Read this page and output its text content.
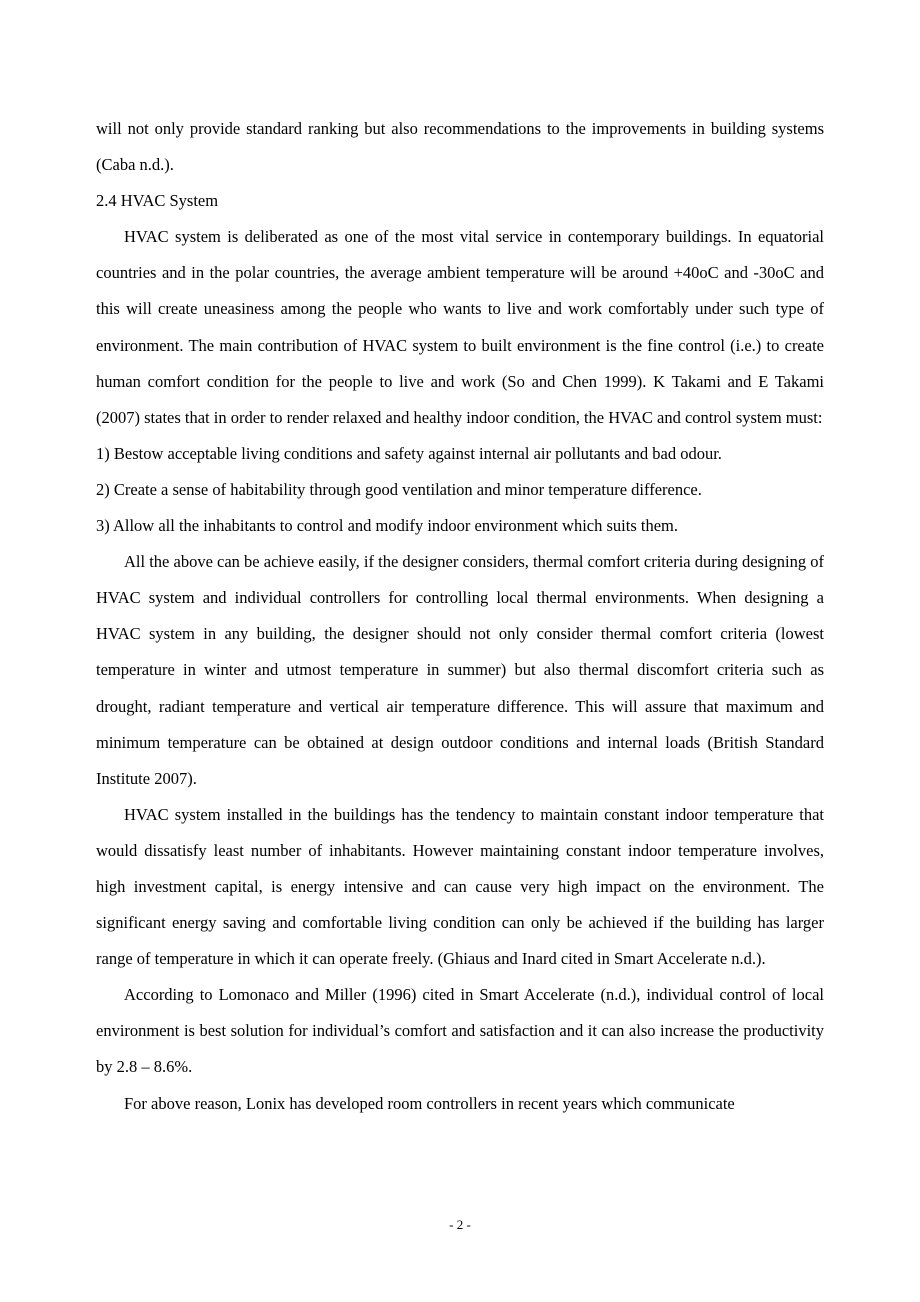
will not only provide standard ranking but also recommendations to the improvements in building systems (Caba n.d.).

2.4 HVAC System

HVAC system is deliberated as one of the most vital service in contemporary buildings. In equatorial countries and in the polar countries, the average ambient temperature will be around +40oC and -30oC and this will create uneasiness among the people who wants to live and work comfortably under such type of environment. The main contribution of HVAC system to built environment is the fine control (i.e.) to create human comfort condition for the people to live and work (So and Chen 1999). K Takami and E Takami (2007) states that in order to render relaxed and healthy indoor condition, the HVAC and control system must:

1) Bestow acceptable living conditions and safety against internal air pollutants and bad odour.
2) Create a sense of habitability through good ventilation and minor temperature difference.
3) Allow all the inhabitants to control and modify indoor environment which suits them.

All the above can be achieve easily, if the designer considers, thermal comfort criteria during designing of HVAC system and individual controllers for controlling local thermal environments. When designing a HVAC system in any building, the designer should not only consider thermal comfort criteria (lowest temperature in winter and utmost temperature in summer) but also thermal discomfort criteria such as drought, radiant temperature and vertical air temperature difference. This will assure that maximum and minimum temperature can be obtained at design outdoor conditions and internal loads (British Standard Institute 2007).

HVAC system installed in the buildings has the tendency to maintain constant indoor temperature that would dissatisfy least number of inhabitants. However maintaining constant indoor temperature involves, high investment capital, is energy intensive and can cause very high impact on the environment. The significant energy saving and comfortable living condition can only be achieved if the building has larger range of temperature in which it can operate freely. (Ghiaus and Inard cited in Smart Accelerate n.d.).

According to Lomonaco and Miller (1996) cited in Smart Accelerate (n.d.), individual control of local environment is best solution for individual’s comfort and satisfaction and it can also increase the productivity by 2.8 – 8.6%.

For above reason, Lonix has developed room controllers in recent years which communicate

- 2 -
